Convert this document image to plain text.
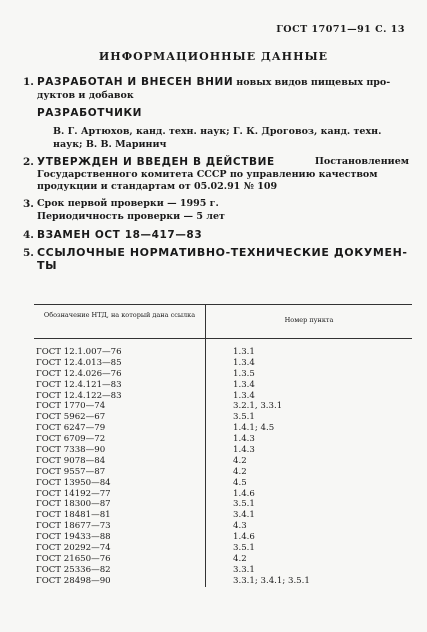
ГОСТ 17071—91 С. 13
ИНФОРМАЦИОННЫЕ ДАННЫЕ
1. РАЗРАБОТАН И ВНЕСЕН ВНИИ новых видов пищевых про-
дуктов и добавок
РАЗРАБОТЧИКИ
В. Г. Артюхов, канд. техн. наук; Г. К. Дроговоз, канд. техн.
наук; В. В. Маринич
2. УТВЕРЖДЕН И ВВЕДЕН В ДЕЙСТВИЕ	Постановлением
Государственного комитета СССР по управлению качеством
продукции и стандартам от 05.02.91 № 109
3. Срок первой проверки — 1995 г.
Периодичность проверки — 5 лет
4. ВЗАМЕН ОСТ 18—417—83
5. ССЫЛОЧНЫЕ НОРМАТИВНО-ТЕХНИЧЕСКИЕ ДОКУМЕН-
ТЫ
Обозначение НТД, на который дана ссылка
Номер пункта
ГОСТ 12.1.007—76
ГОСТ 12.4.013—85
ГОСТ 12.4.026—76
ГОСТ 12.4.121—83
ГОСТ 12.4.122—83
ГОСТ 1770—74
ГОСТ 5962—67
ГОСТ 6247—79
ГОСТ 6709—72
ГОСТ 7338—90
ГОСТ 9078—84
ГОСТ 9557—87
ГОСТ 13950—84
ГОСТ 14192—77
ГОСТ 18300—87
ГОСТ 18481—81
ГОСТ 18677—73
ГОСТ 19433—88
ГОСТ 20292—74
ГОСТ 21650—76
ГОСТ 25336—82
ГОСТ 28498—90
1.3.1
1.3.4
1.3.5
1.3.4
1.3.4
3.2.1, 3.3.1
3.5.1
1.4.1; 4.5
1.4.3
1.4.3
4.2
4.2
4.5
1.4.6
3.5.1
3.4.1
4.3
1.4.6
3.5.1
4.2
3.3.1
3.3.1; 3.4.1; 3.5.1
